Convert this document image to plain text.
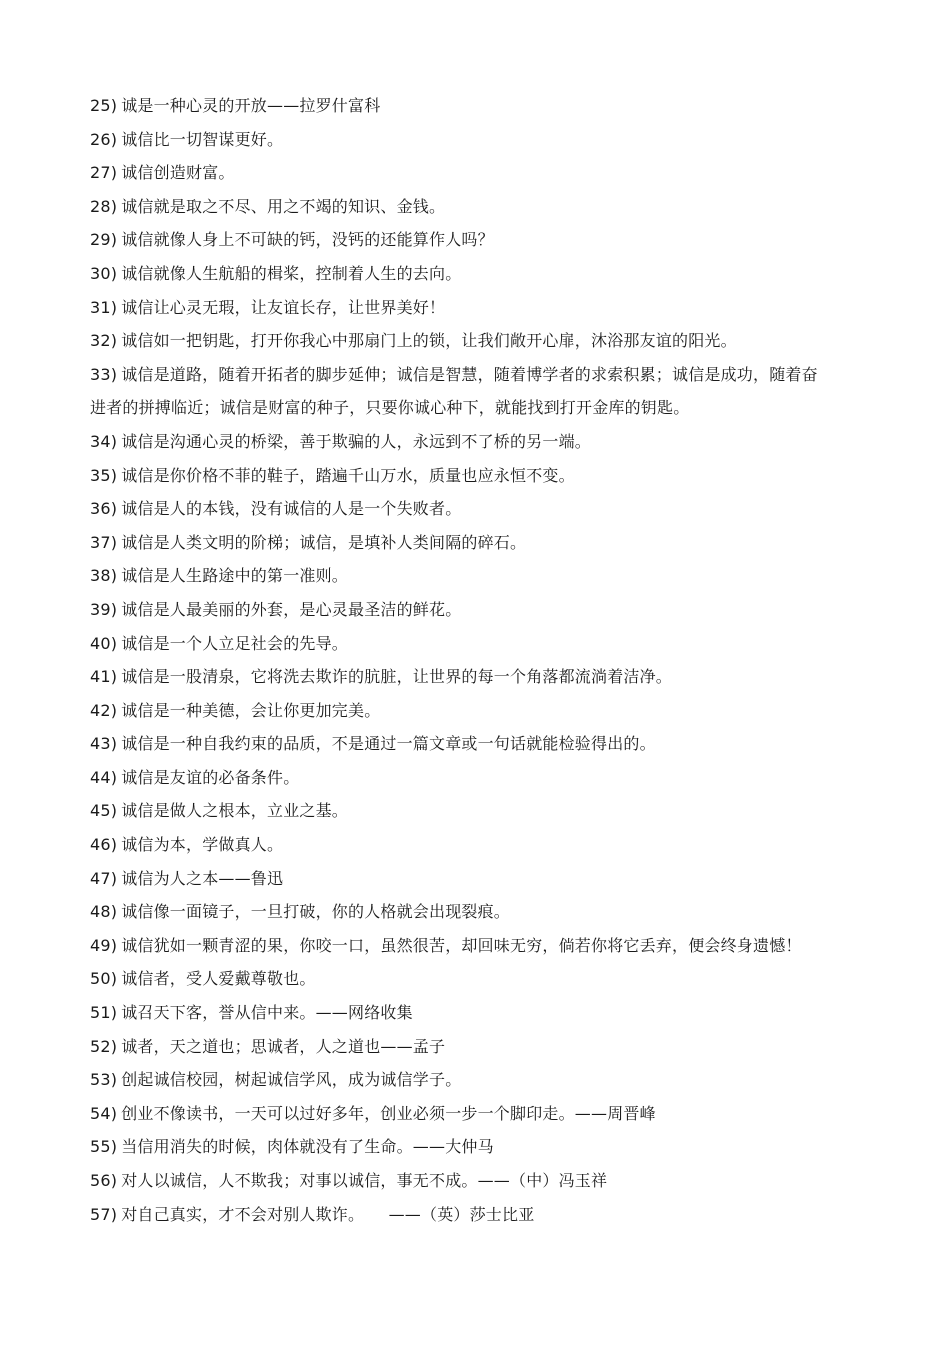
25) 诚是一种心灵的开放——拉罗什富科
26) 诚信比一切智谋更好。
27) 诚信创造财富。
28) 诚信就是取之不尽、用之不竭的知识、金钱。
29) 诚信就像人身上不可缺的钙，没钙的还能算作人吗？
30) 诚信就像人生航船的楫桨，控制着人生的去向。
31) 诚信让心灵无瑕，让友谊长存，让世界美好！
32) 诚信如一把钥匙，打开你我心中那扇门上的锁，让我们敞开心扉，沐浴那友谊的阳光。
33) 诚信是道路，随着开拓者的脚步延伸；诚信是智慧，随着博学者的求索积累；诚信是成功，随着奋进者的拼搏临近；诚信是财富的种子，只要你诚心种下，就能找到打开金库的钥匙。
34) 诚信是沟通心灵的桥梁，善于欺骗的人，永远到不了桥的另一端。
35) 诚信是你价格不菲的鞋子，踏遍千山万水，质量也应永恒不变。
36) 诚信是人的本钱，没有诚信的人是一个失败者。
37) 诚信是人类文明的阶梯；诚信，是填补人类间隔的碎石。
38) 诚信是人生路途中的第一准则。
39) 诚信是人最美丽的外套，是心灵最圣洁的鲜花。
40) 诚信是一个人立足社会的先导。
41) 诚信是一股清泉，它将洗去欺诈的肮脏，让世界的每一个角落都流淌着洁净。
42) 诚信是一种美德，会让你更加完美。
43) 诚信是一种自我约束的品质，不是通过一篇文章或一句话就能检验得出的。
44) 诚信是友谊的必备条件。
45) 诚信是做人之根本，立业之基。
46) 诚信为本，学做真人。
47) 诚信为人之本——鲁迅
48) 诚信像一面镜子，一旦打破，你的人格就会出现裂痕。
49) 诚信犹如一颗青涩的果，你咬一口，虽然很苦，却回味无穷，倘若你将它丢弃，便会终身遗憾！
50) 诚信者，受人爱戴尊敬也。
51) 诚召天下客，誉从信中来。——网络收集
52) 诚者，天之道也；思诚者，人之道也——孟子
53) 创起诚信校园，树起诚信学风，成为诚信学子。
54) 创业不像读书，一天可以过好多年，创业必须一步一个脚印走。——周晋峰
55) 当信用消失的时候，肉体就没有了生命。——大仲马
56) 对人以诚信，人不欺我；对事以诚信，事无不成。——（中）冯玉祥
57) 对自己真实，才不会对别人欺诈。　　——（英）莎士比亚
